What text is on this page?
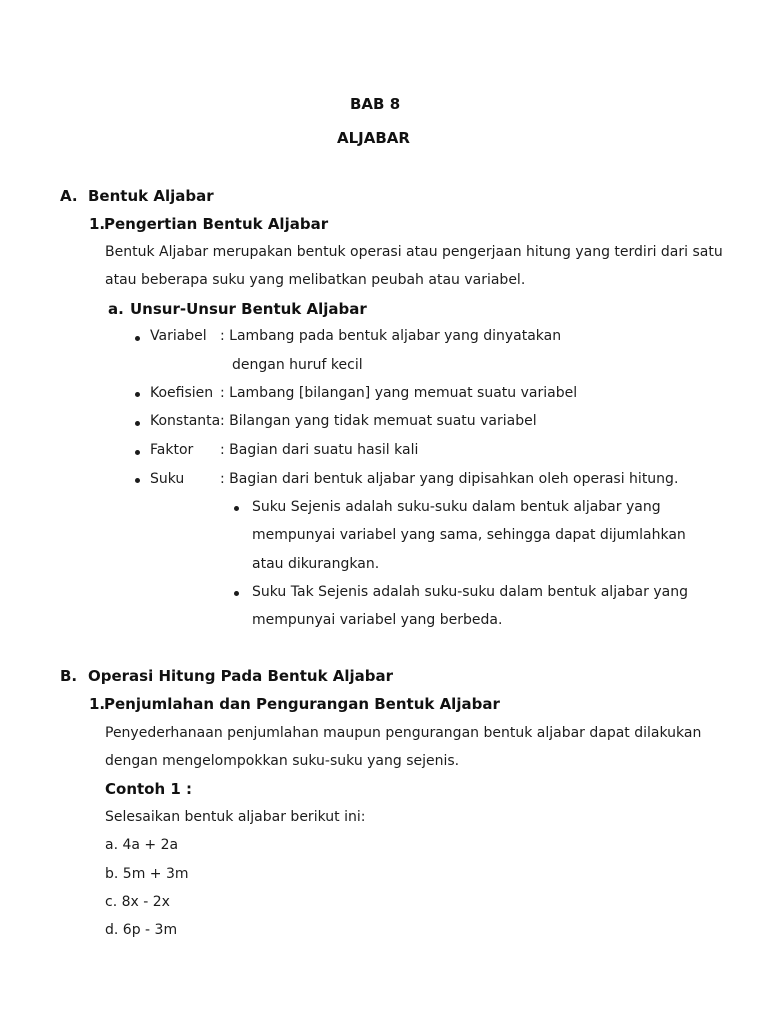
BAB 8
ALJABAR
A. Bentuk Aljabar
1.
Pengertian Bentuk Aljabar
Bentuk Aljabar merupakan bentuk operasi atau pengerjaan hitung yang terdiri dari satu
atau beberapa suku yang melibatkan peubah atau variabel.
a. Unsur-Unsur Bentuk Aljabar
Variabel : Lambang pada bentuk aljabar yang dinyatakan
dengan huruf kecil
Koefisien : Lambang [bilangan] yang memuat suatu variabel
Konstanta : Bilangan yang tidak memuat suatu variabel
Faktor : Bagian dari suatu hasil kali
Suku	: Bagian dari bentuk aljabar yang dipisahkan oleh operasi hitung.
Suku Sejenis adalah suku-suku dalam bentuk aljabar yang
mempunyai variabel yang sama, sehingga dapat dijumlahkan
atau dikurangkan.
Suku Tak Sejenis adalah suku-suku dalam bentuk aljabar yang
mempunyai variabel yang berbeda.
B. Operasi Hitung Pada Bentuk Aljabar
1.
Penjumlahan dan Pengurangan Bentuk Aljabar
Penyederhanaan penjumlahan maupun pengurangan bentuk aljabar dapat dilakukan
dengan mengelompokkan suku-suku yang sejenis.
Contoh 1 :
Selesaikan bentuk aljabar berikut ini:
a. 4a + 2a
b. 5m + 3m
c. 8x - 2x
d. 6p - 3m
